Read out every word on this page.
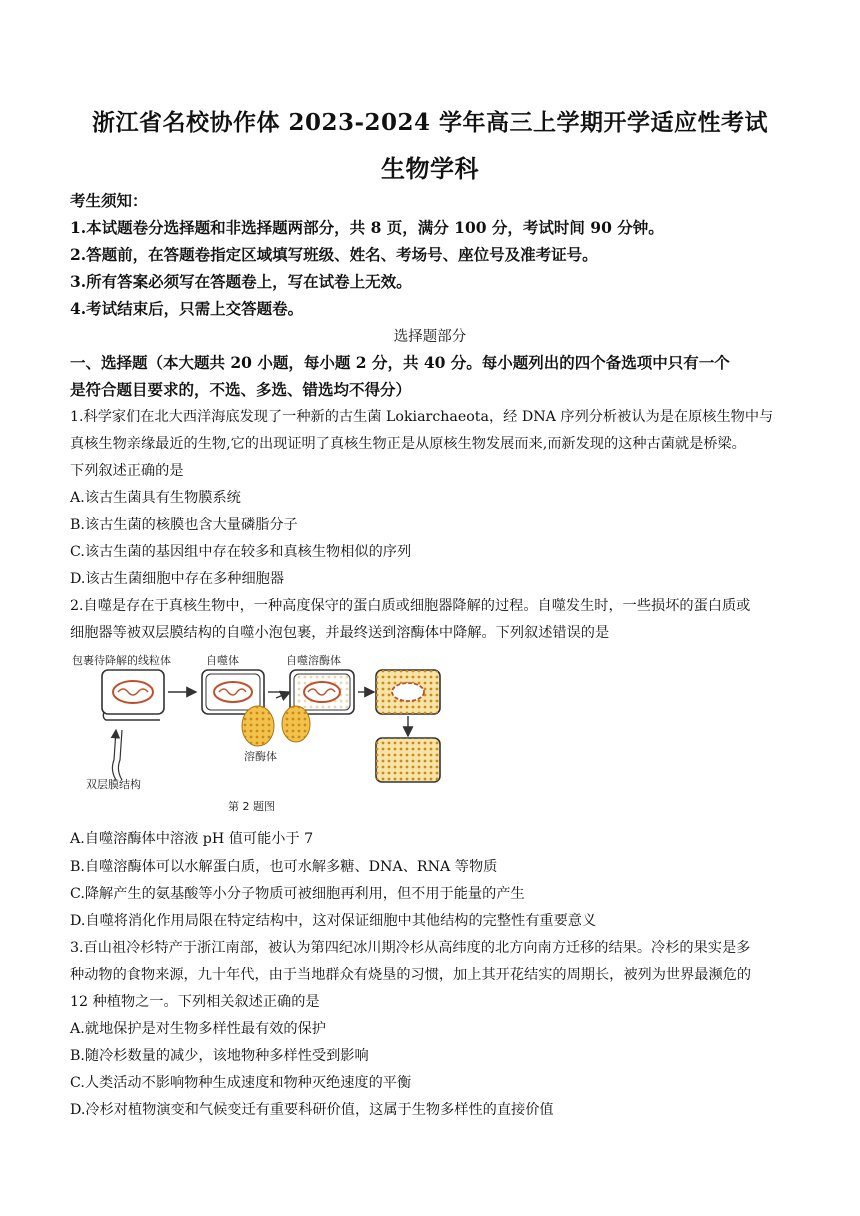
浙江省名校协作体 2023-2024 学年高三上学期开学适应性考试
生物学科
考生须知：
1.本试题卷分选择题和非选择题两部分，共 8 页，满分 100 分，考试时间 90 分钟。
2.答题前，在答题卷指定区域填写班级、姓名、考场号、座位号及准考证号。
3.所有答案必须写在答题卷上，写在试卷上无效。
4.考试结束后，只需上交答题卷。
选择题部分
一、选择题（本大题共 20 小题，每小题 2 分，共 40 分。每小题列出的四个备选项中只有一个
是符合题目要求的，不选、多选、错选均不得分）
1.科学家们在北大西洋海底发现了一种新的古生菌 Lokiarchaeota，经 DNA 序列分析被认为是在原核生物中与
真核生物亲缘最近的生物,它的出现证明了真核生物正是从原核生物发展而来,而新发现的这种古菌就是桥梁。
下列叙述正确的是
A.该古生菌具有生物膜系统
B.该古生菌的核膜也含大量磷脂分子
C.该古生菌的基因组中存在较多和真核生物相似的序列
D.该古生菌细胞中存在多种细胞器
2.自噬是存在于真核生物中，一种高度保守的蛋白质或细胞器降解的过程。自噬发生时，一些损坏的蛋白质或
细胞器等被双层膜结构的自噬小泡包裹，并最终送到溶酶体中降解。下列叙述错误的是
包裹待降解的线粒体	自噬体	自噬溶酶体
溶酶体
双层膜结构
第 2 题图
A.自噬溶酶体中溶液 pH 值可能小于 7
B.自噬溶酶体可以水解蛋白质，也可水解多糖、DNA、RNA 等物质
C.降解产生的氨基酸等小分子物质可被细胞再利用，但不用于能量的产生
D.自噬将消化作用局限在特定结构中，这对保证细胞中其他结构的完整性有重要意义
3.百山祖冷杉特产于浙江南部，被认为第四纪冰川期冷杉从高纬度的北方向南方迁移的结果。冷杉的果实是多
种动物的食物来源，九十年代，由于当地群众有烧垦的习惯，加上其开花结实的周期长，被列为世界最濒危的
12 种植物之一。下列相关叙述正确的是
A.就地保护是对生物多样性最有效的保护
B.随冷杉数量的减少，该地物种多样性受到影响
C.人类活动不影响物种生成速度和物种灭绝速度的平衡
D.冷杉对植物演变和气候变迁有重要科研价值，这属于生物多样性的直接价值
